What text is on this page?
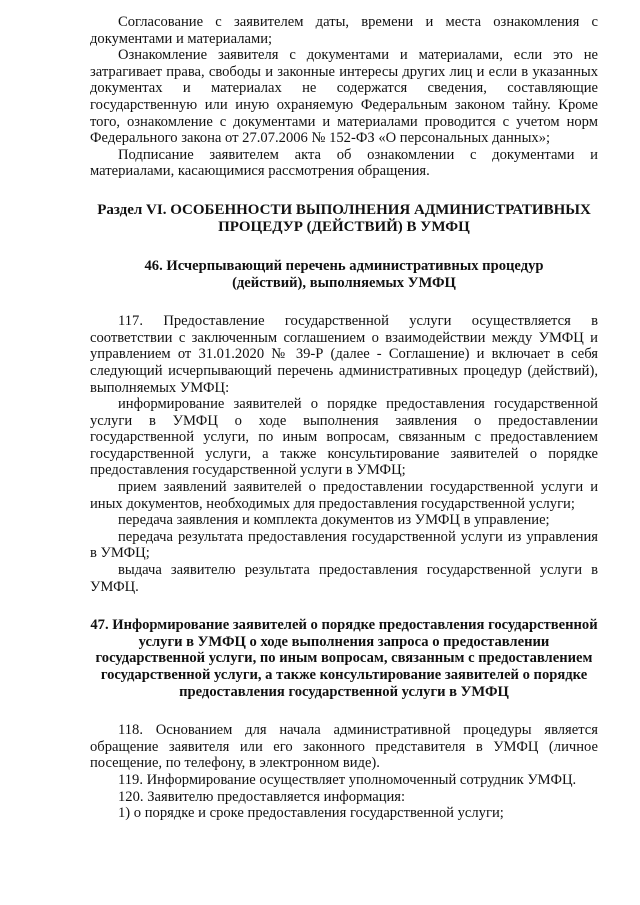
Согласование с заявителем даты, времени и места ознакомления с документами и материалами;

Ознакомление заявителя с документами и материалами, если это не затрагивает права, свободы и законные интересы других лиц и если в указанных документах и материалах не содержатся сведения, составляющие государственную или иную охраняемую Федеральным законом тайну. Кроме того, ознакомление с документами и материалами проводится с учетом норм Федерального закона от 27.07.2006 № 152-ФЗ «О персональных данных»;

Подписание заявителем акта об ознакомлении с документами и материалами, касающимися рассмотрения обращения.

Раздел VI. ОСОБЕННОСТИ ВЫПОЛНЕНИЯ АДМИНИСТРАТИВНЫХ ПРОЦЕДУР (ДЕЙСТВИЙ) В УМФЦ
46. Исчерпывающий перечень административных процедур (действий), выполняемых УМФЦ

117. Предоставление государственной услуги осуществляется в соответствии с заключенным соглашением о взаимодействии между УМФЦ и управлением от 31.01.2020 № 39-Р (далее - Соглашение) и включает в себя следующий исчерпывающий перечень административных процедур (действий), выполняемых УМФЦ:

информирование заявителей о порядке предоставления государственной услуги в УМФЦ о ходе выполнения заявления о предоставлении государственной услуги, по иным вопросам, связанным с предоставлением государственной услуги, а также консультирование заявителей о порядке предоставления государственной услуги в УМФЦ;

прием заявлений заявителей о предоставлении государственной услуги и иных документов, необходимых для предоставления государственной услуги;

передача заявления и комплекта документов из УМФЦ в управление;

передача результата предоставления государственной услуги из управления в УМФЦ;

выдача заявителю результата предоставления государственной услуги в УМФЦ.

47. Информирование заявителей о порядке предоставления государственной услуги в УМФЦ о ходе выполнения запроса о предоставлении государственной услуги, по иным вопросам, связанным с предоставлением государственной услуги, а также консультирование заявителей о порядке предоставления государственной услуги в УМФЦ

118. Основанием для начала административной процедуры является обращение заявителя или его законного представителя в УМФЦ (личное посещение, по телефону, в электронном виде).

119. Информирование осуществляет уполномоченный сотрудник УМФЦ.

120. Заявителю предоставляется информация:

1) о порядке и сроке предоставления государственной услуги;
